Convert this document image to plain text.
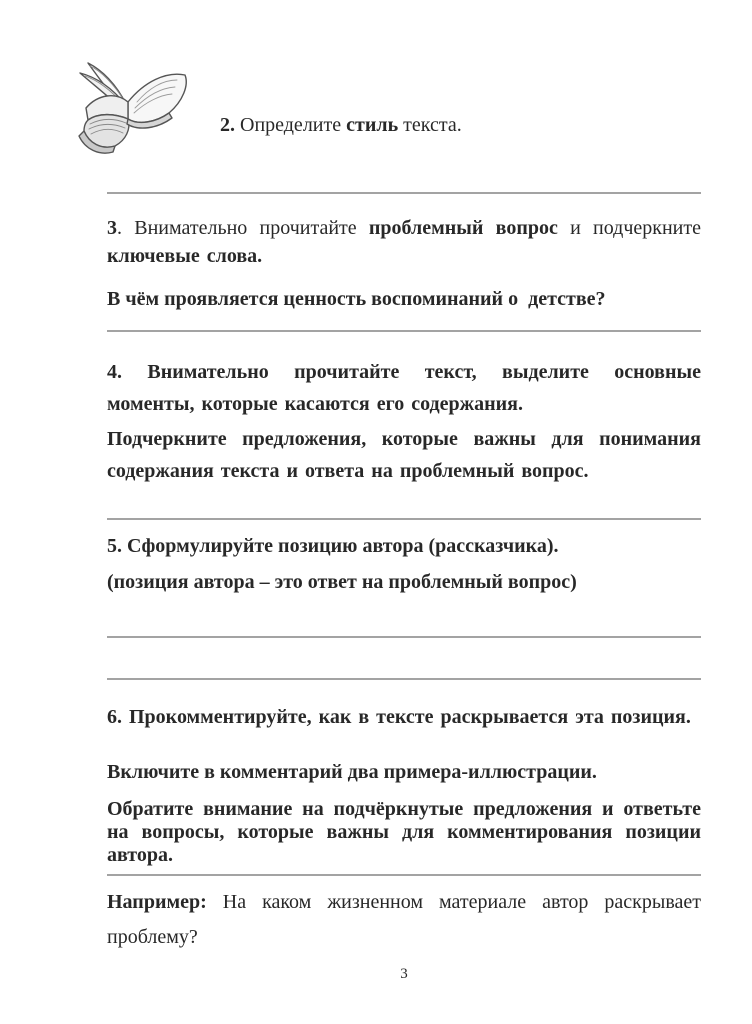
2. Определите стиль текста.

3. Внимательно прочитайте проблемный вопрос и подчеркните ключевые слова.

В чём проявляется ценность воспоминаний о  детстве?

4. Внимательно прочитайте текст, выделите основные моменты, которые касаются его содержания.

Подчеркните предложения, которые важны для понимания содержания текста и ответа на проблемный вопрос.

5. Сформулируйте позицию автора (рассказчика).

(позиция автора – это ответ на проблемный вопрос)

6. Прокомментируйте, как в тексте раскрывается эта позиция.

Включите в комментарий два примера-иллюстрации.

Обратите внимание на подчёркнутые предложения и ответьте на вопросы, которые важны для комментирования позиции автора.

Например: На каком жизненном материале автор раскрывает проблему?

3
